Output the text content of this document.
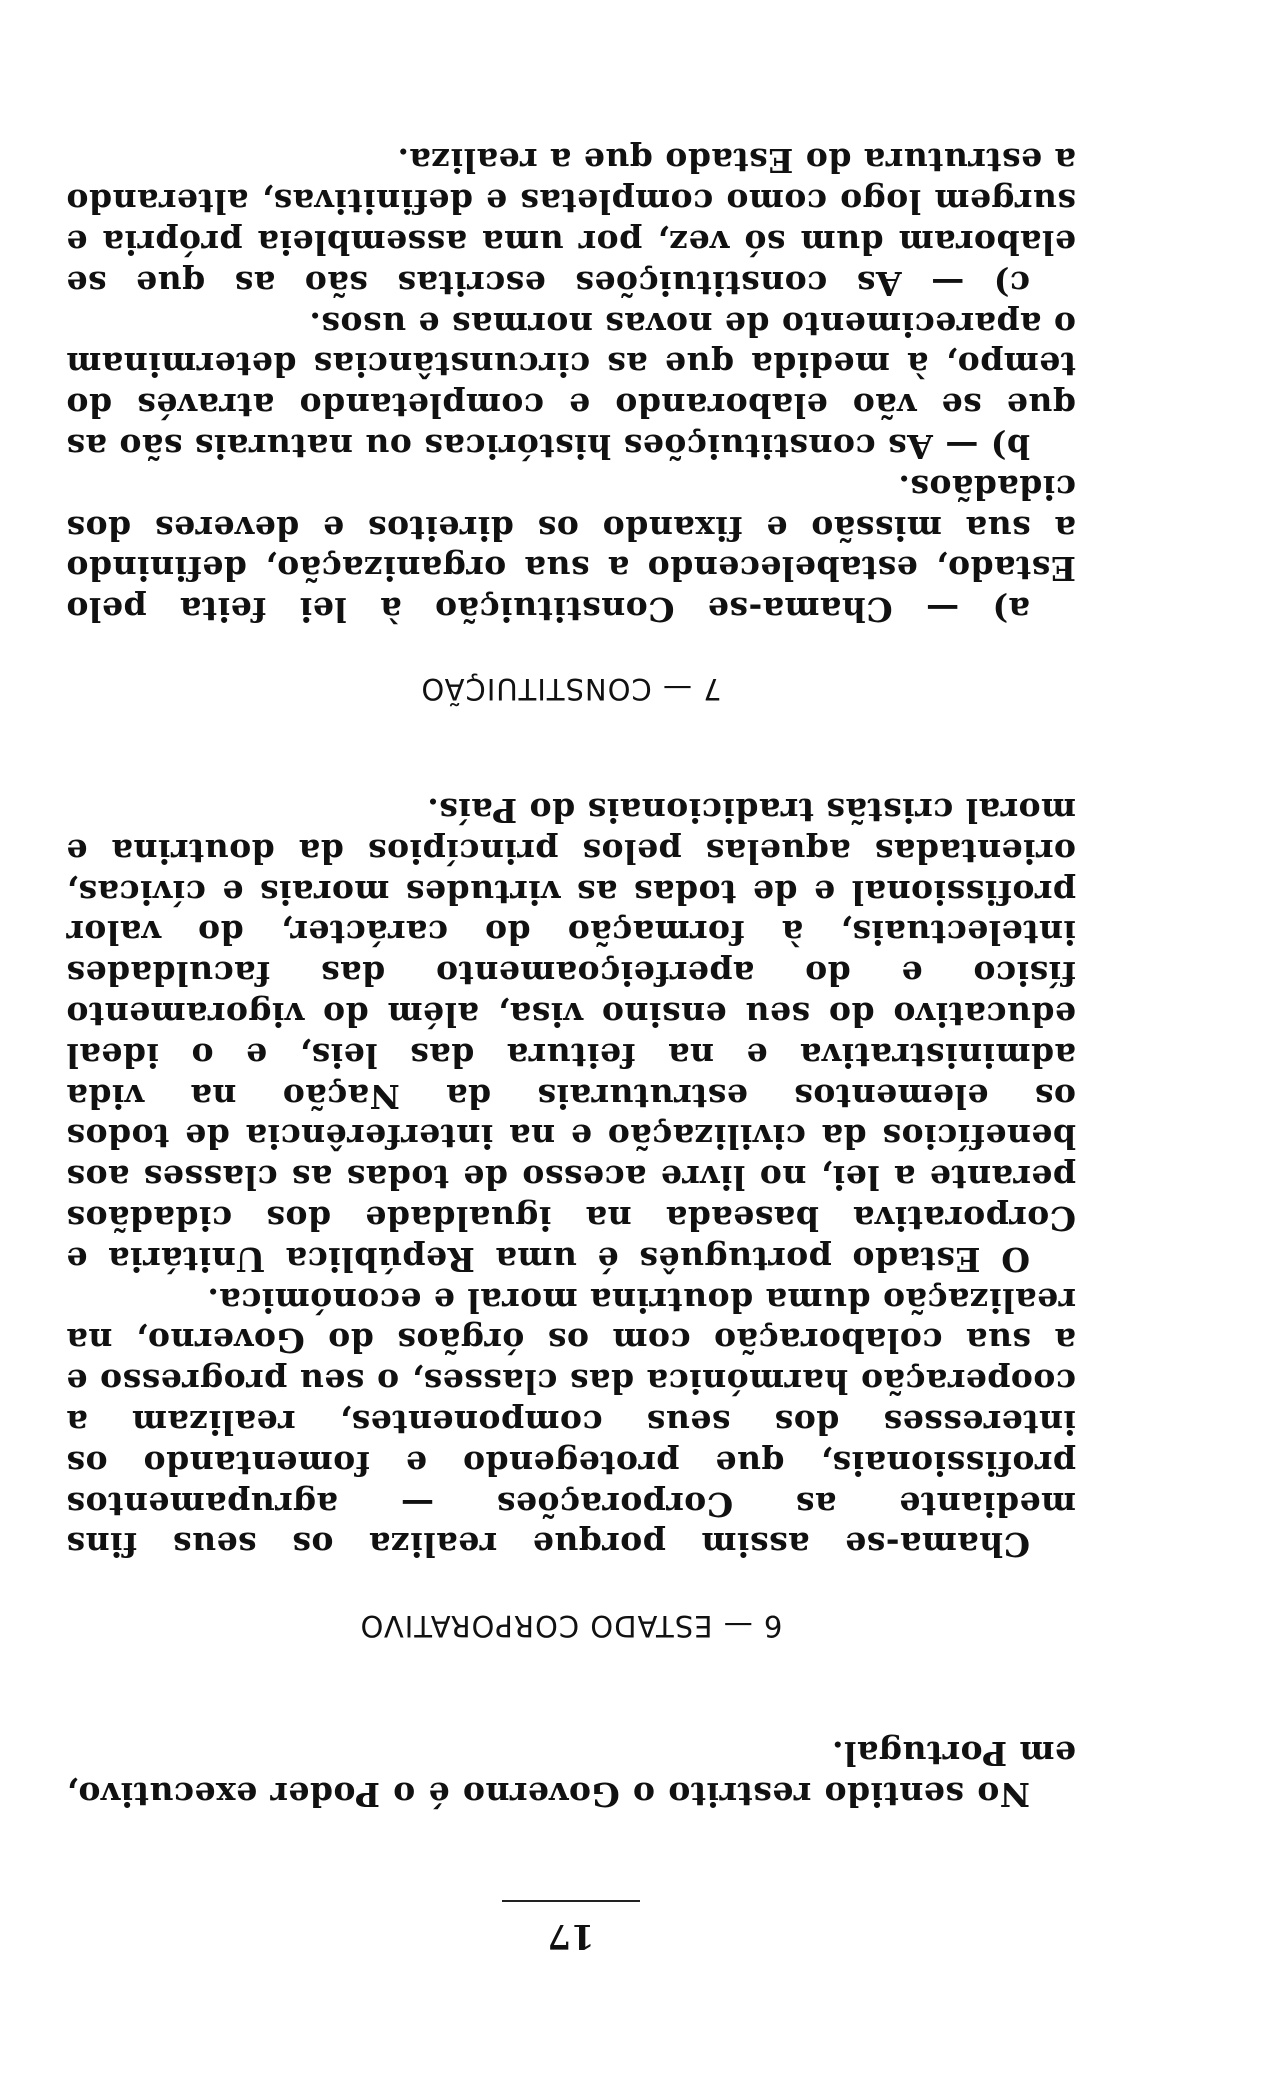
17

No sentido restrito o Governo é o Poder executivo, em Portugal.

6 — ESTADO CORPORATIVO

Chama-se assim porque realiza os seus fins mediante as Corporações — agrupamentos profissionais, que protegendo e fomentando os interesses dos seus componentes, realizam a cooperação harmónica das classes, o seu progresso e a sua colaboração com os órgãos do Governo, na realização duma doutrina moral e económica.

O Estado português é uma República Unitária e Corporativa baseada na igualdade dos cidadãos perante a lei, no livre acesso de todas as classes aos benefícios da civilização e na interferência de todos os elementos estruturais da Nação na vida administrativa e na feitura das leis, e o ideal educativo do seu ensino visa, além do vigoramento físico e do aperfeiçoamento das faculdades intelectuais, à formação do carácter, do valor profissional e de todas as virtudes morais e cívicas, orientadas aquelas pelos princípios da doutrina e moral cristãs tradicionais do País.

7 — CONSTITUIÇÃO

a) — Chama-se Constituição à lei feita pelo Estado, estabelecendo a sua organização, definindo a sua missão e fixando os direitos e deveres dos cidadãos.

b) — As constituições históricas ou naturais são as que se vão elaborando e completando através do tempo, à medida que as circunstâncias determinam o aparecimento de novas normas e usos.

c) — As constituições escritas são as que se elaboram dum só vez, por uma assembleia própria e surgem logo como completas e definitivas, alterando a estrutura do Estado que a realiza.
